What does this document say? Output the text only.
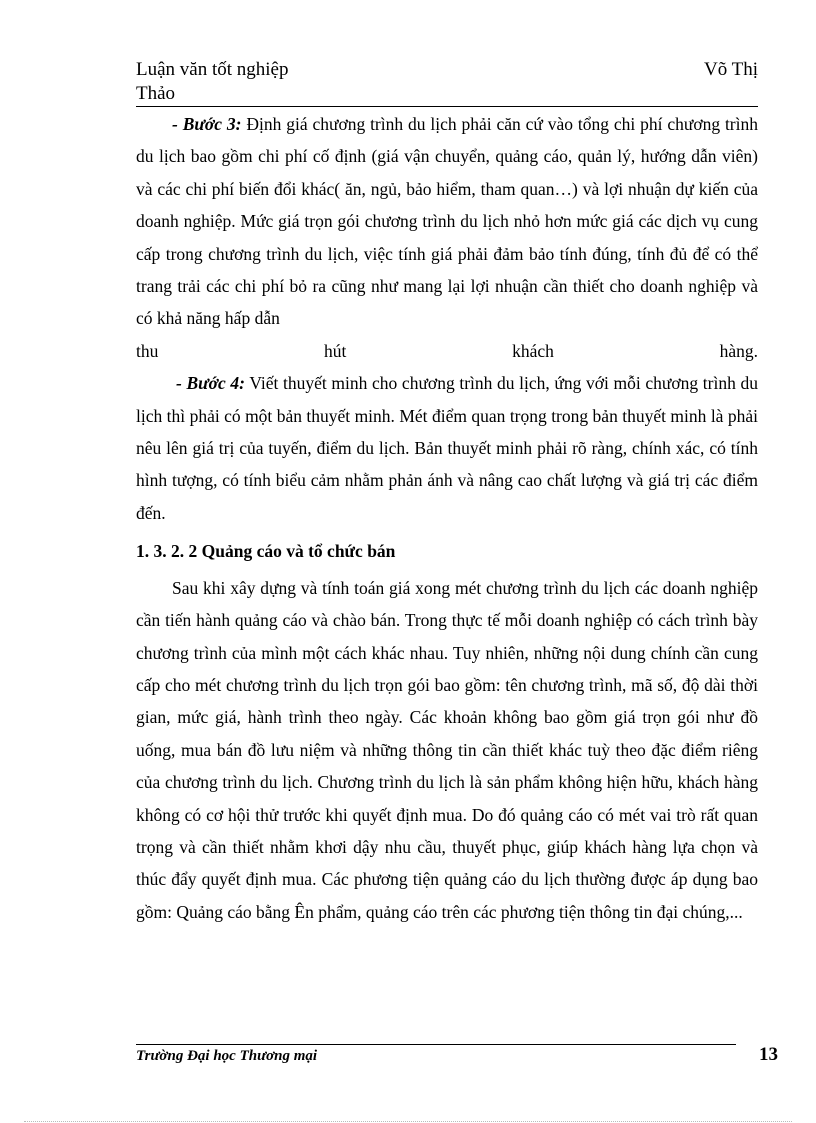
Luận văn tốt nghiệp	Võ Thị
Thảo

- Bước 3: Định giá chương trình du lịch phải căn cứ vào tổng chi phí chương trình du lịch bao gồm chi phí cố định (giá vận chuyển, quảng cáo, quản lý, hướng dẫn viên) và các chi phí biến đổi khác( ăn, ngủ, bảo hiểm, tham quan…) và lợi nhuận dự kiến của doanh nghiệp. Mức giá trọn gói chương trình du lịch nhỏ hơn mức giá các dịch vụ cung cấp trong chương trình du lịch, việc tính giá phải đảm bảo tính đúng, tính đủ để có thể trang trải các chi phí bỏ ra cũng như mang lại lợi nhuận cần thiết cho doanh nghiệp và có khả năng hấp dẫn

thu hút khách hàng.

- Bước 4: Viết thuyết minh cho chương trình du lịch, ứng với mỗi chương trình du lịch thì phải có một bản thuyết minh. Mét điểm quan trọng trong bản thuyết minh là phải nêu lên giá trị của tuyến, điểm du lịch. Bản thuyết minh phải rõ ràng, chính xác, có tính hình tượng, có tính biểu cảm nhằm phản ánh và nâng cao chất lượng và giá trị các điểm đến.

1. 3. 2. 2 Quảng cáo và tổ chức bán

Sau khi xây dựng và tính toán giá xong mét chương trình du lịch các doanh nghiệp cần tiến hành quảng cáo và chào bán. Trong thực tế mỗi doanh nghiệp có cách trình bày chương trình của mình một cách khác nhau. Tuy nhiên, những nội dung chính cần cung cấp cho mét chương trình du lịch trọn gói bao gồm: tên chương trình, mã số, độ dài thời gian, mức giá, hành trình theo ngày. Các khoản không bao gồm giá trọn gói như đồ uống, mua bán đồ lưu niệm và những thông tin cần thiết khác tuỳ theo đặc điểm riêng của chương trình du lịch. Chương trình du lịch là sản phẩm không hiện hữu, khách hàng không có cơ hội thử trước khi quyết định mua. Do đó quảng cáo có mét vai trò rất quan trọng và cần thiết nhằm khơi dậy nhu cầu, thuyết phục, giúp khách hàng lựa chọn và thúc đẩy quyết định mua. Các phương tiện quảng cáo du lịch thường được áp dụng bao gồm: Quảng cáo bằng Ên phẩm, quảng cáo trên các phương tiện thông tin đại chúng,...

Trường Đại học Thương mại	13
